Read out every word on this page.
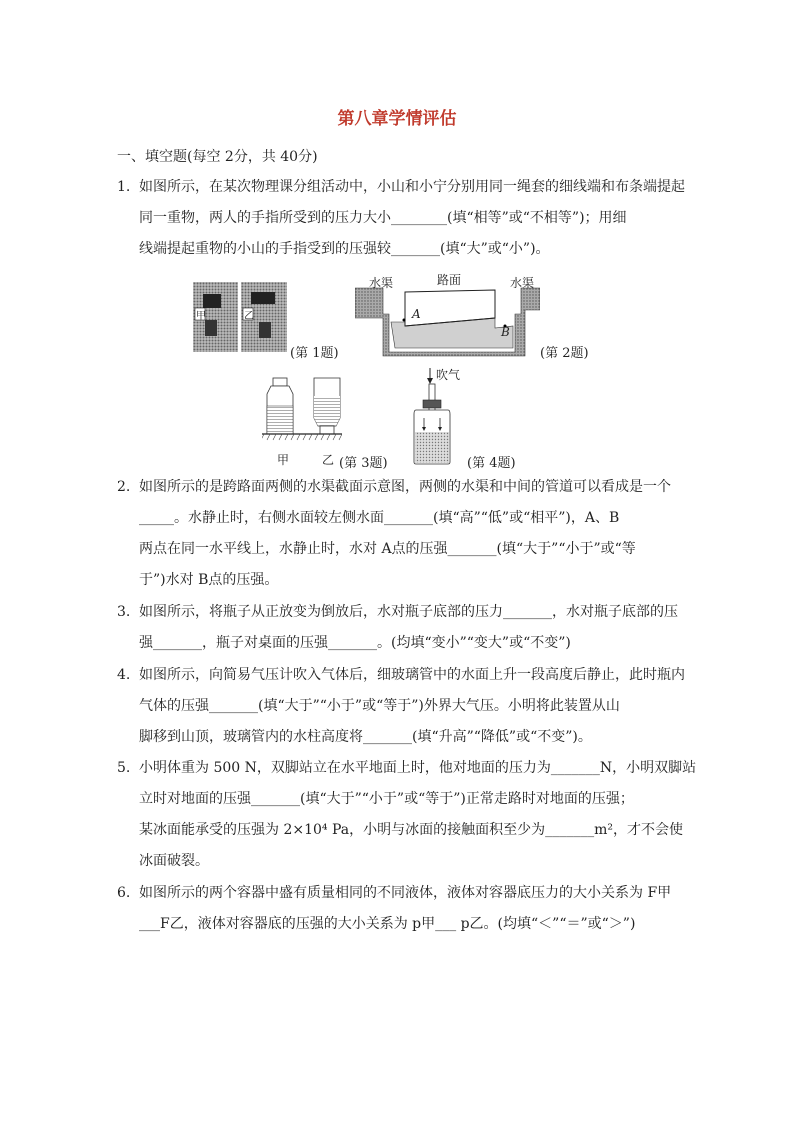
第八章学情评估
一、填空题(每空 2分，共 40分)
1. 如图所示，在某次物理课分组活动中，小山和小宁分别用同一绳套的细线端和布条端提起
同一重物，两人的手指所受到的压力大小________(填“相等”或“不相等”)；用细
线端提起重物的小山的手指受到的压强较_______(填“大”或“小”)。
甲	乙
(第 1题)
水渠	路面	水渠
A
B
(第 2题)
甲	乙 (第 3题)
吹气
(第 4题)
2. 如图所示的是跨路面两侧的水渠截面示意图，两侧的水渠和中间的管道可以看成是一个
_____。水静止时，右侧水面较左侧水面_______(填“高”“低”或“相平”)，A、B
两点在同一水平线上，水静止时，水对 A点的压强_______(填“大于”“小于”或“等
于”)水对 B点的压强。
3. 如图所示，将瓶子从正放变为倒放后，水对瓶子底部的压力_______，水对瓶子底部的压
强_______，瓶子对桌面的压强_______。(均填“变小”“变大”或“不变”)
4. 如图所示，向简易气压计吹入气体后，细玻璃管中的水面上升一段高度后静止，此时瓶内
气体的压强_______(填“大于”“小于”或“等于”)外界大气压。小明将此装置从山
脚移到山顶，玻璃管内的水柱高度将_______(填“升高”“降低”或“不变”)。
5. 小明体重为 500 N，双脚站立在水平地面上时，他对地面的压力为_______N，小明双脚站
立时对地面的压强_______(填“大于”“小于”或“等于”)正常走路时对地面的压强；
某冰面能承受的压强为 2×10⁴ Pa，小明与冰面的接触面积至少为_______m²，才不会使
冰面破裂。
6. 如图所示的两个容器中盛有质量相同的不同液体，液体对容器底压力的大小关系为 F甲
___F乙，液体对容器底的压强的大小关系为 p甲___ p乙。(均填“＜”“＝”或“＞”)
